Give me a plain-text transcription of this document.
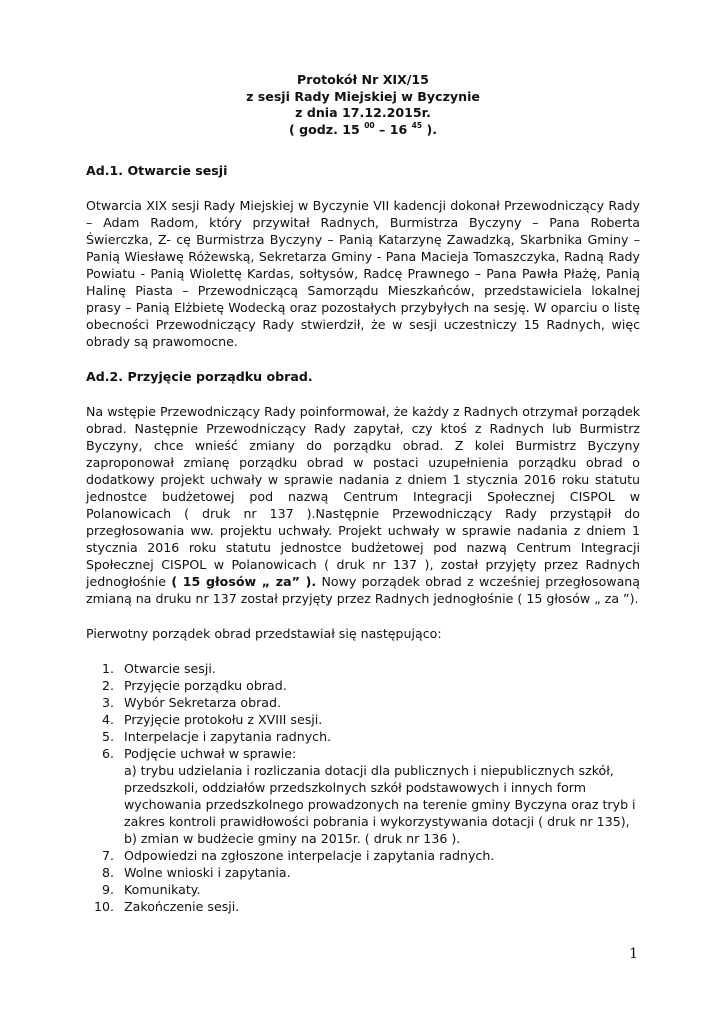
Protokół Nr XIX/15
z sesji Rady Miejskiej w Byczynie
z dnia 17.12.2015r.
( godz. 15 $^{00}$ – 16 $^{45}$ ).
Ad.1. Otwarcie sesji

Otwarcia XIX sesji Rady Miejskiej w Byczynie VII kadencji dokonał Przewodniczący Rady – Adam Radom, który przywitał Radnych, Burmistrza Byczyny – Pana Roberta Świerczka, Z- cę Burmistrza Byczyny – Panią Katarzynę Zawadzką, Skarbnika Gminy – Panią Wiesławę Różewską, Sekretarza Gminy - Pana Macieja Tomaszczyka, Radną Rady Powiatu - Panią Wiolettę Kardas, sołtysów, Radcę Prawnego – Pana Pawła Płażę, Panią Halinę Piasta – Przewodniczącą Samorządu Mieszkańców, przedstawiciela lokalnej prasy – Panią Elżbietę Wodecką oraz pozostałych przybyłych na sesję. W oparciu o listę obecności Przewodniczący Rady stwierdził, że w sesji uczestniczy 15 Radnych, więc obrady są prawomocne.

Ad.2. Przyjęcie porządku obrad.

Na wstępie Przewodniczący Rady poinformował, że każdy z Radnych otrzymał porządek obrad. Następnie Przewodniczący Rady zapytał, czy ktoś z Radnych lub Burmistrz Byczyny, chce wnieść zmiany do porządku obrad. Z kolei Burmistrz Byczyny zaproponował zmianę porządku obrad w postaci uzupełnienia porządku obrad o dodatkowy projekt uchwały w sprawie nadania z dniem 1 stycznia 2016 roku statutu jednostce budżetowej pod nazwą Centrum Integracji Społecznej CISPOL w Polanowicach ( druk nr 137 ).Następnie Przewodniczący Rady przystąpił do przegłosowania ww. projektu uchwały. Projekt uchwały w sprawie nadania z dniem 1 stycznia 2016 roku statutu jednostce budżetowej pod nazwą Centrum Integracji Społecznej CISPOL w Polanowicach ( druk nr 137 ), został przyjęty przez Radnych jednogłośnie ( 15 głosów „ za” ). Nowy porządek obrad z wcześniej przegłosowaną zmianą na druku nr 137 został przyjęty przez Radnych jednogłośnie ( 15 głosów „ za ”).

Pierwotny porządek obrad przedstawiał się następująco:

1. Otwarcie sesji.
2. Przyjęcie porządku obrad.
3. Wybór Sekretarza obrad.
4. Przyjęcie protokołu z XVIII sesji.
5. Interpelacje i zapytania radnych.
6. Podjęcie uchwał w sprawie:
a) trybu udzielania i rozliczania dotacji dla publicznych i niepublicznych szkół, przedszkoli, oddziałów przedszkolnych szkół podstawowych i innych form wychowania przedszkolnego prowadzonych na terenie gminy Byczyna oraz tryb i zakres kontroli prawidłowości pobrania i wykorzystywania dotacji ( druk nr 135),
b) zmian w budżecie gminy na 2015r. ( druk nr 136 ).
7. Odpowiedzi na zgłoszone interpelacje i zapytania radnych.
8. Wolne wnioski i zapytania.
9. Komunikaty.
10. Zakończenie sesji.
1
